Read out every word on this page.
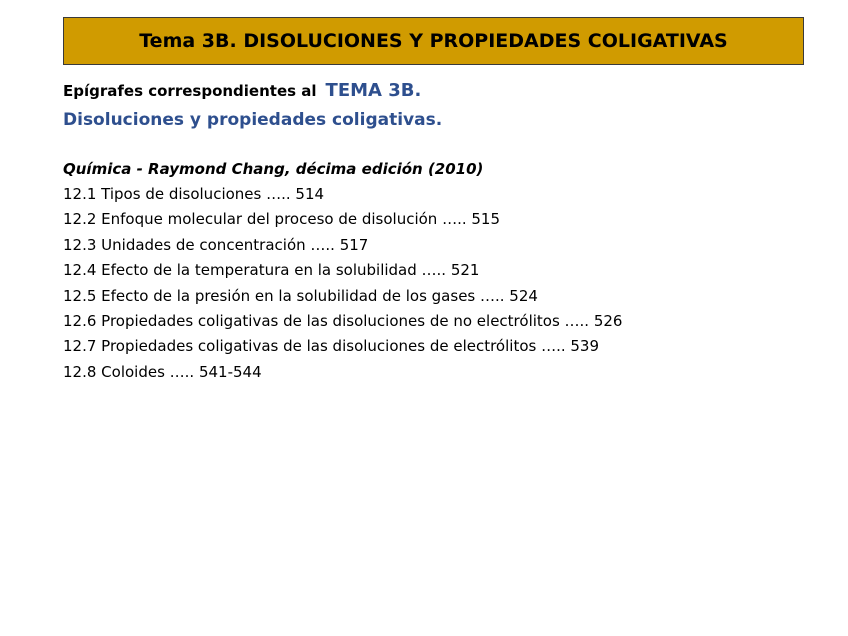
Tema 3B. DISOLUCIONES Y PROPIEDADES COLIGATIVAS
Epígrafes correspondientes al TEMA 3B.
Disoluciones y propiedades coligativas.
Química - Raymond Chang, décima edición (2010)
12.1 Tipos de disoluciones ….. 514
12.2 Enfoque molecular del proceso de disolución ….. 515
12.3 Unidades de concentración ….. 517
12.4 Efecto de la temperatura en la solubilidad ….. 521
12.5 Efecto de la presión en la solubilidad de los gases ….. 524
12.6 Propiedades coligativas de las disoluciones de no electrólitos ….. 526
12.7 Propiedades coligativas de las disoluciones de electrólitos ….. 539
12.8 Coloides ….. 541-544
